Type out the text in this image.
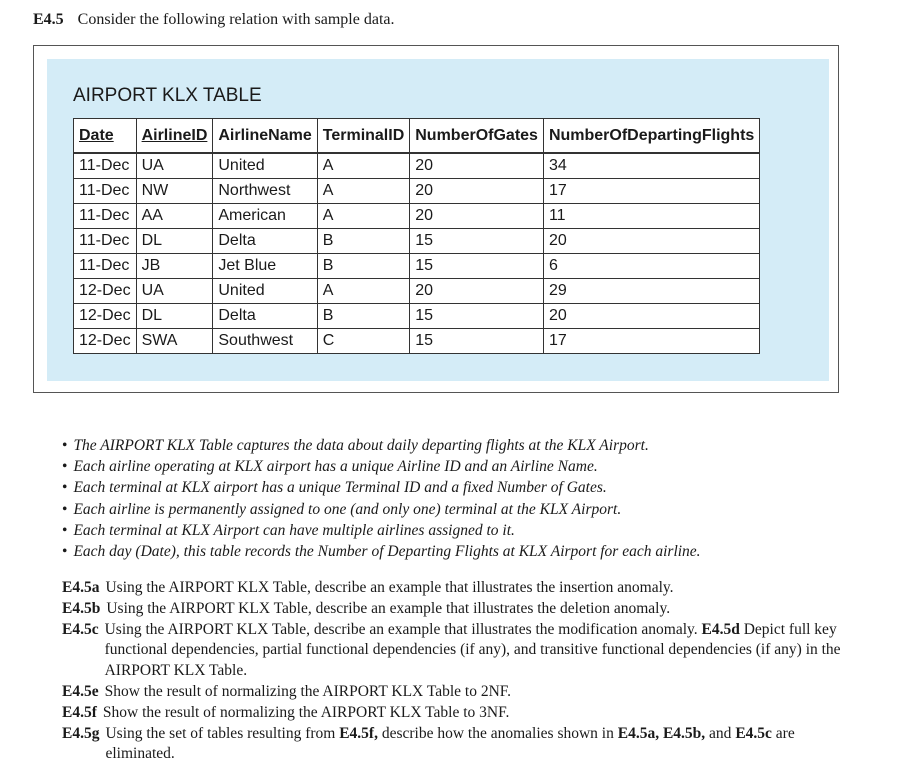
E4.5 Consider the following relation with sample data.
AIRPORT KLX TABLE
Date	AirlineID	AirlineName	TerminalID	NumberOfGates	NumberOfDepartingFlights
11-Dec	UA	United	A	20	34
11-Dec	NW	Northwest	A	20	17
11-Dec	AA	American	A	20	11
11-Dec	DL	Delta	B	15	20
11-Dec	JB	Jet Blue	B	15	6
12-Dec	UA	United	A	20	29
12-Dec	DL	Delta	B	15	20
12-Dec	SWA	Southwest	C	15	17
• The AIRPORT KLX Table captures the data about daily departing flights at the KLX Airport.
• Each airline operating at KLX airport has a unique Airline ID and an Airline Name.
• Each terminal at KLX airport has a unique Terminal ID and a fixed Number of Gates.
• Each airline is permanently assigned to one (and only one) terminal at the KLX Airport.
• Each terminal at KLX Airport can have multiple airlines assigned to it.
• Each day (Date), this table records the Number of Departing Flights at KLX Airport for each airline.
E4.5a Using the AIRPORT KLX Table, describe an example that illustrates the insertion anomaly.
E4.5b Using the AIRPORT KLX Table, describe an example that illustrates the deletion anomaly.
E4.5c Using the AIRPORT KLX Table, describe an example that illustrates the modification anomaly. E4.5d Depict full key functional dependencies, partial functional dependencies (if any), and transitive functional dependencies (if any) in the AIRPORT KLX Table.
E4.5e Show the result of normalizing the AIRPORT KLX Table to 2NF.
E4.5f Show the result of normalizing the AIRPORT KLX Table to 3NF.
E4.5g Using the set of tables resulting from E4.5f, describe how the anomalies shown in E4.5a, E4.5b, and E4.5c are eliminated.
